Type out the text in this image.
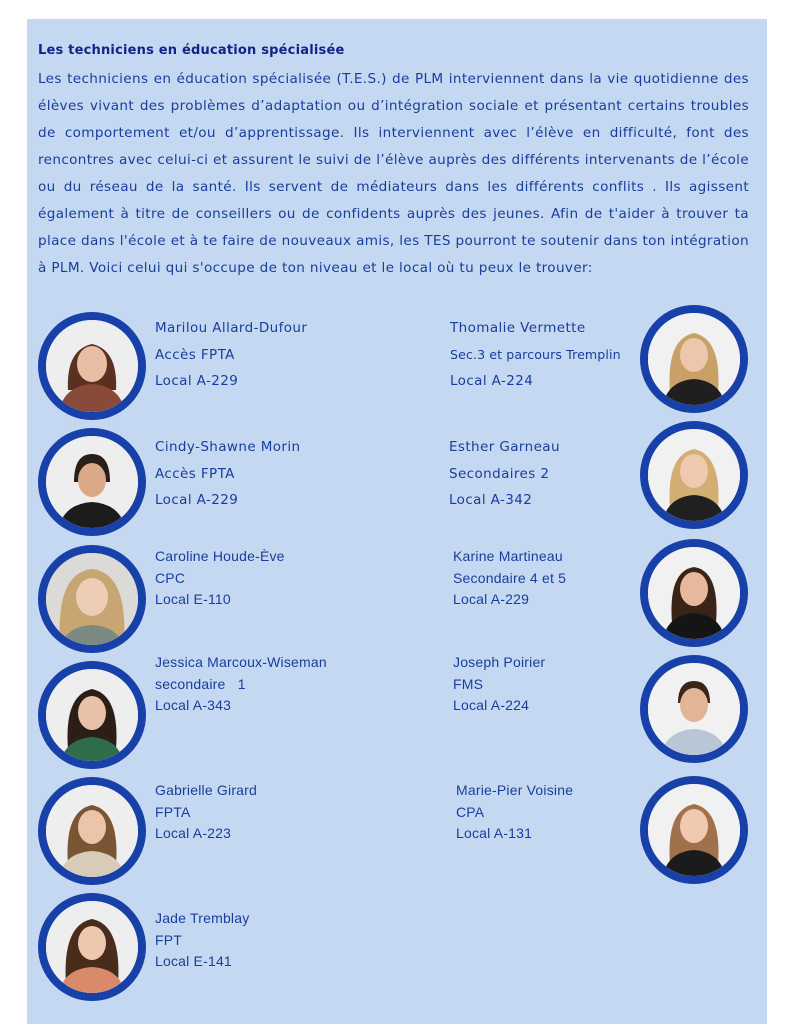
Les techniciens en éducation spécialisée
Les techniciens en éducation spécialisée (T.E.S.) de PLM interviennent dans la vie quotidienne des élèves vivant des problèmes d’adaptation ou d’intégration sociale et présentant certains troubles de comportement et/ou d’apprentissage. Ils interviennent avec l’élève en difficulté, font des rencontres avec celui-ci et assurent le suivi de l’élève auprès des différents intervenants de l’école ou du réseau de la santé. Ils servent de médiateurs dans les différents conflits . Ils agissent également à titre de conseillers ou de confidents auprès des jeunes. Afin de t'aider à trouver ta place dans l'école et à te faire de nouveaux amis, les TES pourront te soutenir dans ton intégration à PLM. Voici celui qui s'occupe de ton niveau et le local où tu peux le trouver:
Marilou Allard-Dufour
Accès FPTA
Local A-229
Thomalie Vermette
Sec.3 et parcours Tremplin
Local A-224
Cindy-Shawne Morin
Accès FPTA
Local A-229
Esther Garneau
Secondaires 2
Local A-342
Caroline Houde-Ève
CPC
Local E-110
Karine Martineau
Secondaire 4 et 5
Local A-229
Jessica Marcoux-Wiseman
secondaire   1
Local A-343
Joseph Poirier
FMS
Local A-224
Gabrielle Girard
FPTA
Local A-223
Marie-Pier Voisine
CPA
Local A-131
Jade Tremblay
FPT
Local E-141
